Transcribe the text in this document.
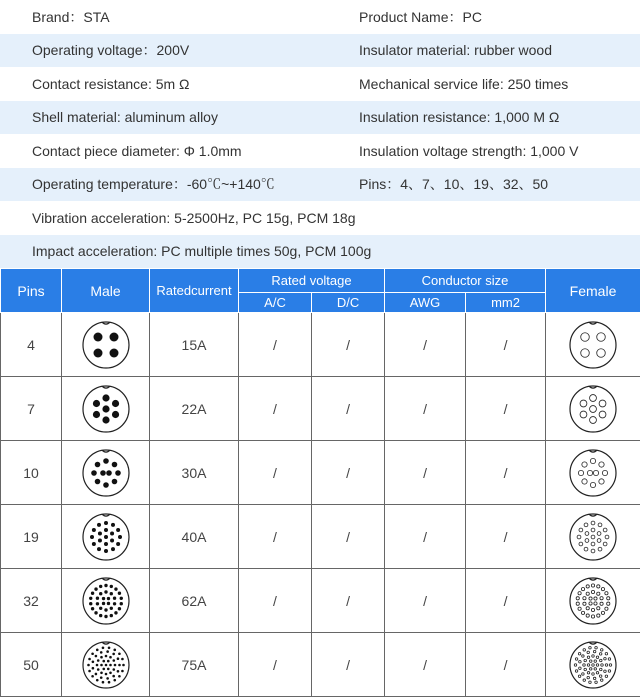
Brand：STA	Product Name：PC
Operating voltage：200V	Insulator material: rubber wood
Contact resistance: 5m Ω	Mechanical service life: 250 times
Shell material: aluminum alloy	Insulation resistance: 1,000 M Ω
Contact piece diameter: Φ 1.0mm	Insulation voltage strength: 1,000 V
Operating temperature：-60℃~+140℃	Pins：4、7、10、19、32、50
Vibration acceleration: 5-2500Hz, PC 15g, PCM 18g
Impact acceleration: PC multiple times 50g, PCM 100g
Pins	Male	Ratedcurrent	Rated voltage		Conductor size		Female
			A/C	D/C	AWG	mm2	
4		15A	/	/	/	/	

7		22A	/	/	/	/	

10		30A	/	/	/	/	

19		40A	/	/	/	/	

32		62A	/	/	/	/	

50		75A	/	/	/	/	
